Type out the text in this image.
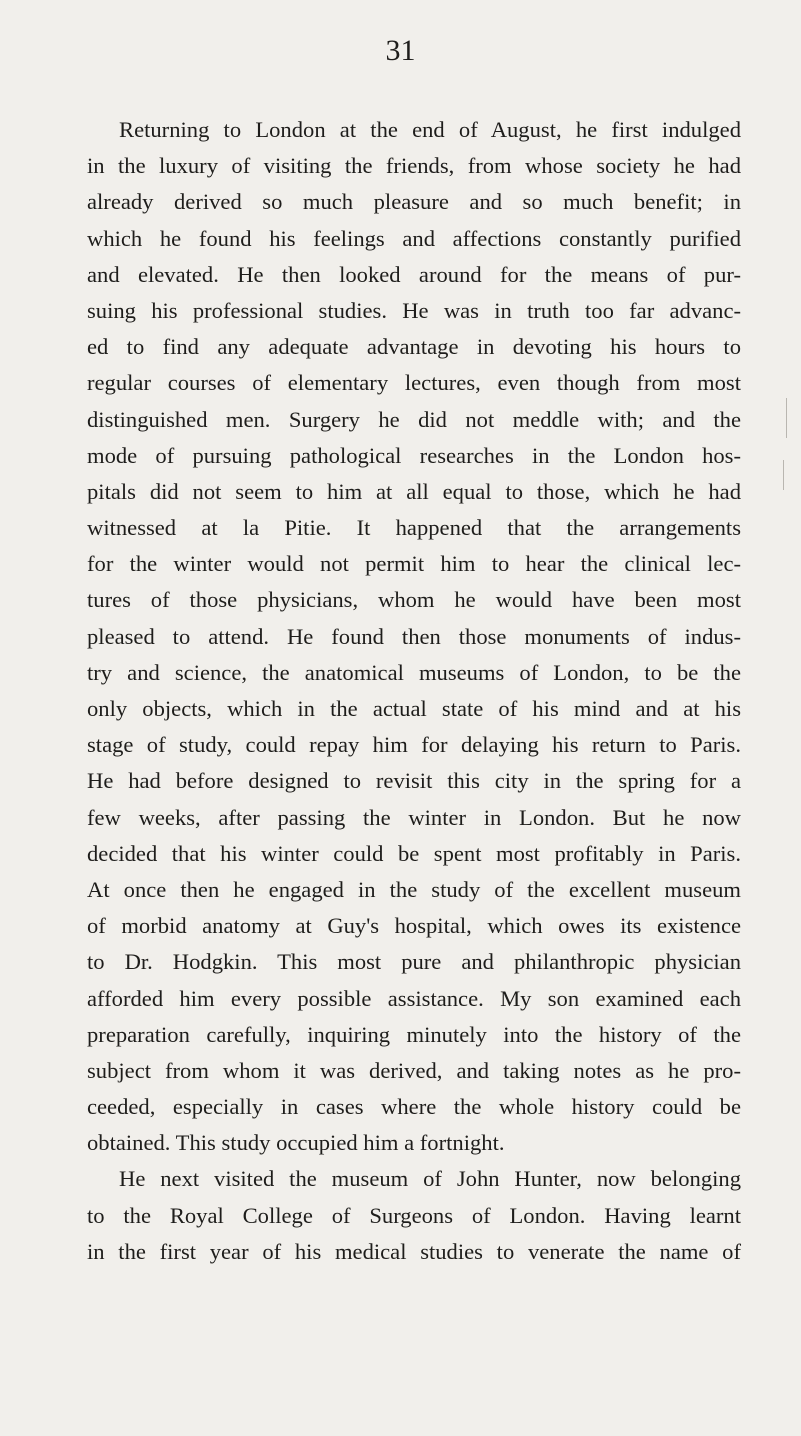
31
Returning to London at the end of August, he first indulged
in the luxury of visiting the friends, from whose society he had
already derived so much pleasure and so much benefit; in
which he found his feelings and affections constantly purified
and elevated. He then looked around for the means of pur-
suing his professional studies. He was in truth too far advanc-
ed to find any adequate advantage in devoting his hours to
regular courses of elementary lectures, even though from most
distinguished men. Surgery he did not meddle with; and the
mode of pursuing pathological researches in the London hos-
pitals did not seem to him at all equal to those, which he had
witnessed at la Pitie. It happened that the arrangements
for the winter would not permit him to hear the clinical lec-
tures of those physicians, whom he would have been most
pleased to attend. He found then those monuments of indus-
try and science, the anatomical museums of London, to be the
only objects, which in the actual state of his mind and at his
stage of study, could repay him for delaying his return to Paris.
He had before designed to revisit this city in the spring for a
few weeks, after passing the winter in London. But he now
decided that his winter could be spent most profitably in Paris.
At once then he engaged in the study of the excellent museum
of morbid anatomy at Guy's hospital, which owes its existence
to Dr. Hodgkin. This most pure and philanthropic physician
afforded him every possible assistance. My son examined each
preparation carefully, inquiring minutely into the history of the
subject from whom it was derived, and taking notes as he pro-
ceeded, especially in cases where the whole history could be
obtained. This study occupied him a fortnight.
He next visited the museum of John Hunter, now belonging
to the Royal College of Surgeons of London. Having learnt
in the first year of his medical studies to venerate the name of
